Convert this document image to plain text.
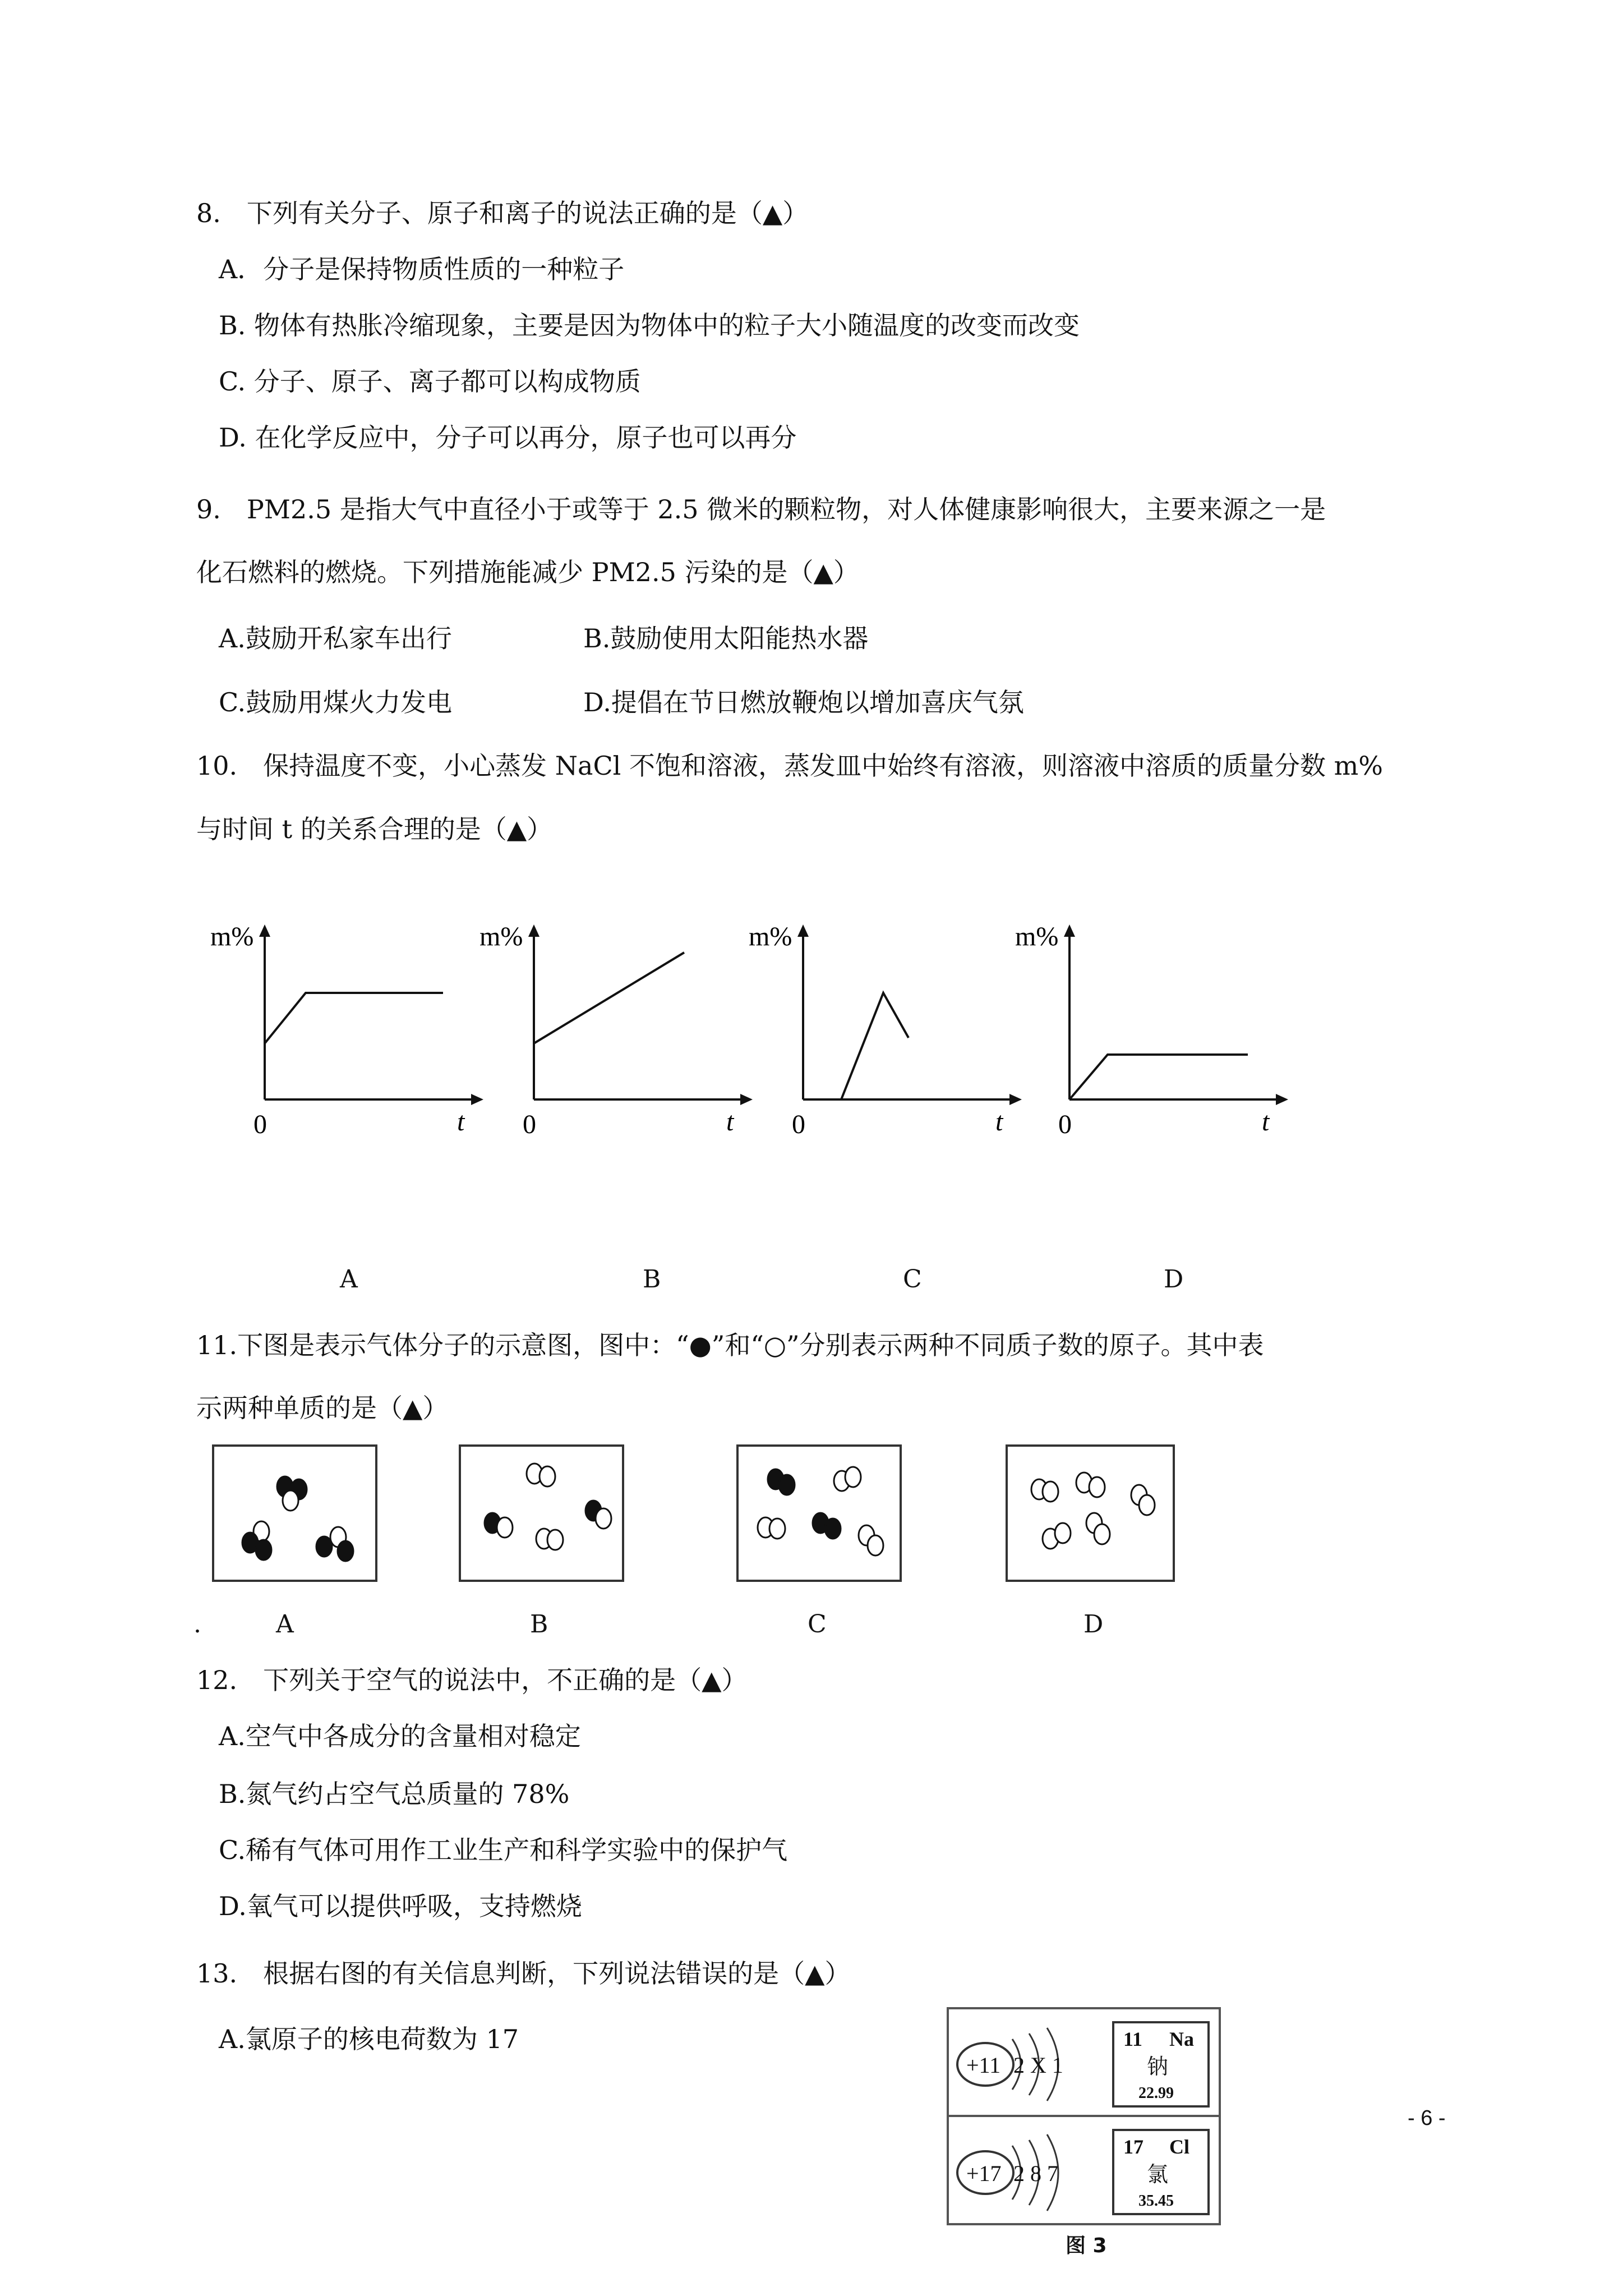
8.　下列有关分子、原子和离子的说法正确的是（▲）
A．分子是保持物质性质的一种粒子
B. 物体有热胀冷缩现象，主要是因为物体中的粒子大小随温度的改变而改变
C. 分子、原子、离子都可以构成物质
D. 在化学反应中，分子可以再分，原子也可以再分
9.　PM2.5 是指大气中直径小于或等于 2.5 微米的颗粒物，对人体健康影响很大，主要来源之一是
化石燃料的燃烧。下列措施能减少 PM2.5 污染的是（▲）
A.鼓励开私家车出行	B.鼓励使用太阳能热水器
C.鼓励用煤火力发电	D.提倡在节日燃放鞭炮以增加喜庆气氛
10.　保持温度不变，小心蒸发 NaCl 不饱和溶液，蒸发皿中始终有溶液，则溶液中溶质的质量分数 m%
与时间 t 的关系合理的是（▲）
m%
0	t
m%
0	t
m%
0	t
m%
0	t
A	B	C	D
11.下图是表示气体分子的示意图，图中：“●”和“○”分别表示两种不同质子数的原子。其中表
示两种单质的是（▲）
.	A	B	C	D
12.　下列关于空气的说法中，不正确的是（▲）
A.空气中各成分的含量相对稳定
B.氮气约占空气总质量的 78%
C.稀有气体可用作工业生产和科学实验中的保护气
D.氧气可以提供呼吸，支持燃烧
13.　根据右图的有关信息判断，下列说法错误的是（▲）
A.氯原子的核电荷数为 17
+11 2 X 1
11 Na
钠
22.99
+17 2 8 7
17 Cl
氯
35.45
图 3
- 6 -
